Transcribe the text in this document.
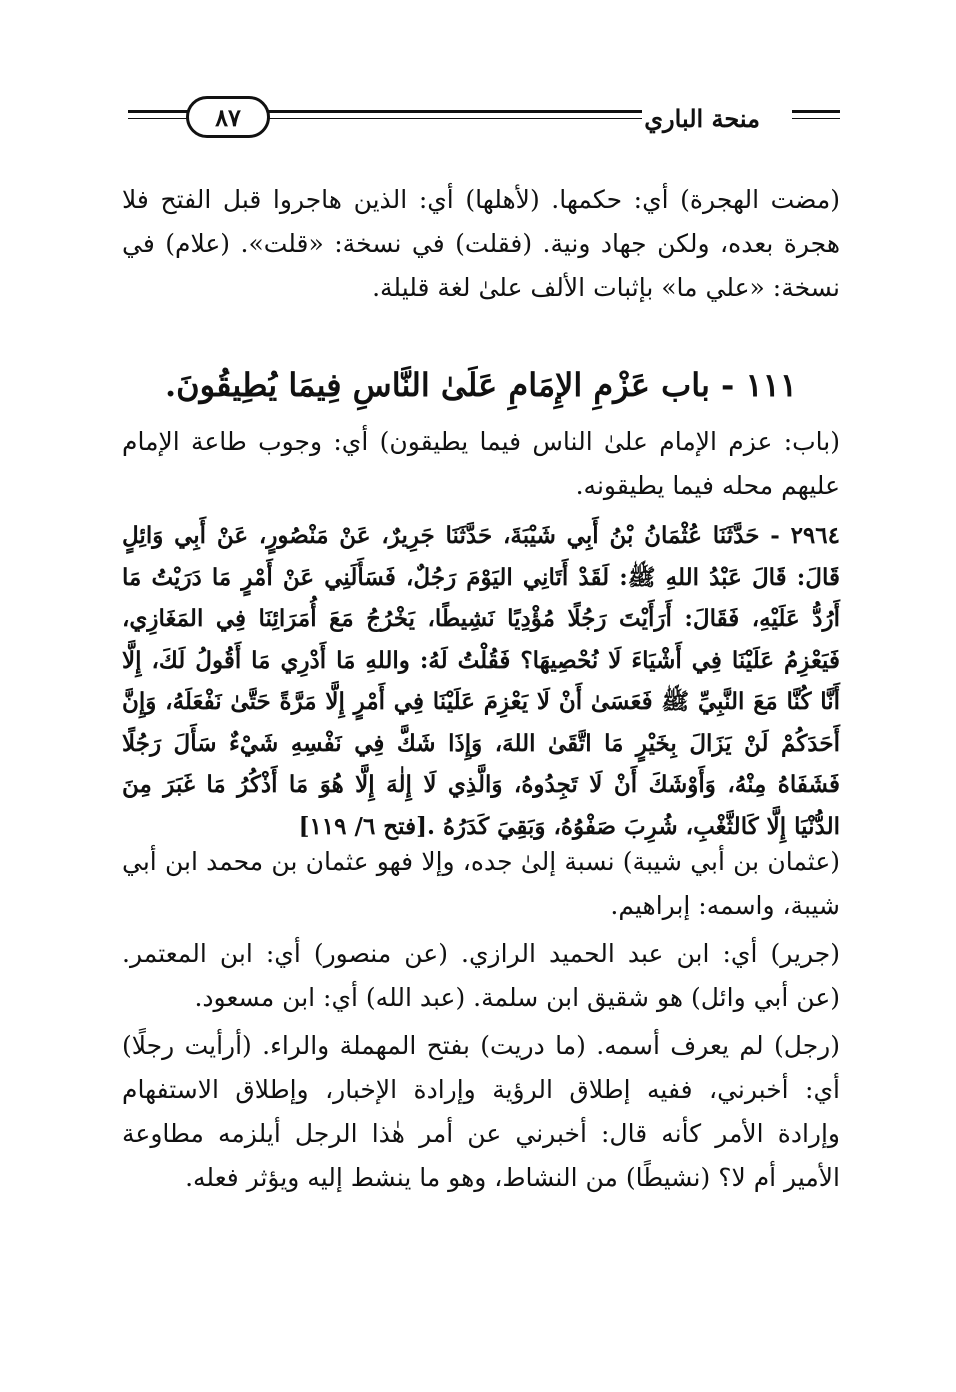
منحة الباري
٨٧

(مضت الهجرة) أي: حكمها. (لأهلها) أي: الذين هاجروا قبل الفتح فلا هجرة بعده، ولكن جهاد ونية. (فقلت) في نسخة: «قلت». (علام) في نسخة: «علي ما» بإثبات الألف علىٰ لغة قليلة.

١١١ - باب عَزْمِ الإِمَامِ عَلَىٰ النَّاسِ فِيمَا يُطِيقُونَ.

(باب: عزم الإمام علىٰ الناس فيما يطيقون) أي: وجوب طاعة الإمام عليهم محله فيما يطيقونه.

٢٩٦٤ - حَدَّثَنَا عُثْمَانُ بْنُ أَبِي شَيْبَةَ، حَدَّثَنَا جَرِيرٌ، عَنْ مَنْصُورٍ، عَنْ أَبِي وَائِلٍ قَالَ: قَالَ عَبْدُ اللهِ ﷺ: لَقَدْ أَتَانِي اليَوْمَ رَجُلٌ، فَسَأَلَنِي عَنْ أَمْرٍ مَا دَرَيْتُ مَا أَرُدُّ عَلَيْهِ، فَقَالَ: أَرَأَيْتَ رَجُلًا مُؤْدِيًا نَشِيطًا، يَخْرُجُ مَعَ أُمَرَائِنَا فِي المَغَازِي، فَيَعْزِمُ عَلَيْنَا فِي أَشْيَاءَ لَا نُحْصِيهَا؟ فَقُلْتُ لَهُ: واللهِ مَا أَدْرِي مَا أَقُولُ لَكَ، إِلَّا أَنَّا كُنَّا مَعَ النَّبِيِّ ﷺ فَعَسَىٰ أَنْ لَا يَعْزِمَ عَلَيْنَا فِي أَمْرٍ إِلَّا مَرَّةً حَتَّىٰ نَفْعَلَهُ، وَإِنَّ أَحَدَكُمْ لَنْ يَزَالَ بِخَيْرٍ مَا اتَّقَىٰ اللهَ، وَإِذَا شَكَّ فِي نَفْسِهِ شَيْءٌ سَأَلَ رَجُلًا فَشَفَاهُ مِنْهُ، وَأَوْشَكَ أَنْ لَا تَجِدُوهُ، وَالَّذِي لَا إِلٰهَ إِلَّا هُوَ مَا أَذْكُرُ مَا غَبَرَ مِنَ الدُّنْيَا إِلَّا كَالثَّغْبِ، شُرِبَ صَفْوُهُ، وَبَقِيَ كَدَرُهُ .[فتح ٦/ ١١٩]

(عثمان بن أبي شيبة) نسبة إلىٰ جده، وإلا فهو عثمان بن محمد ابن أبي شيبة، واسمه: إبراهيم.

(جرير) أي: ابن عبد الحميد الرازي. (عن منصور) أي: ابن المعتمر. (عن أبي وائل) هو شقيق ابن سلمة. (عبد الله) أي: ابن مسعود.

(رجل) لم يعرف أسمه. (ما دريت) بفتح المهملة والراء. (أرأيت رجلًا) أي: أخبرني، ففيه إطلاق الرؤية وإرادة الإخبار، وإطلاق الاستفهام وإرادة الأمر كأنه قال: أخبرني عن أمر هٰذا الرجل أيلزمه مطاوعة الأمير أم لا؟ (نشيطًا) من النشاط، وهو ما ينشط إليه ويؤثر فعله.
